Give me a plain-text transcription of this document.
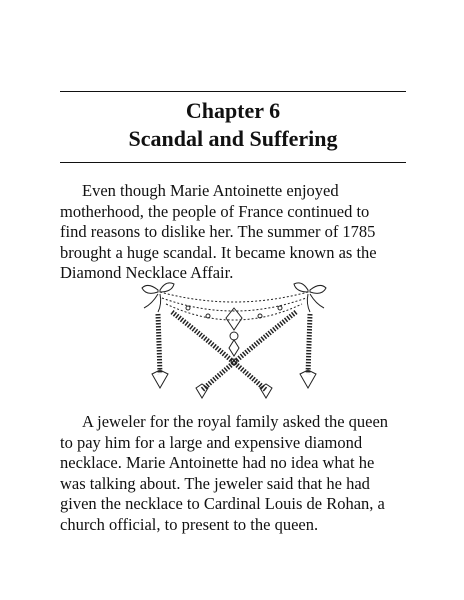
Chapter 6
Scandal and Suffering
Even though Marie Antoinette enjoyed
motherhood, the people of France continued to
find reasons to dislike her. The summer of 1785
brought a huge scandal. It became known as the
Diamond Necklace Affair.
A jeweler for the royal family asked the queen
to pay him for a large and expensive diamond
necklace. Marie Antoinette had no idea what he
was talking about. The jeweler said that he had
given the necklace to Cardinal Louis de Rohan, a
church official, to present to the queen.
